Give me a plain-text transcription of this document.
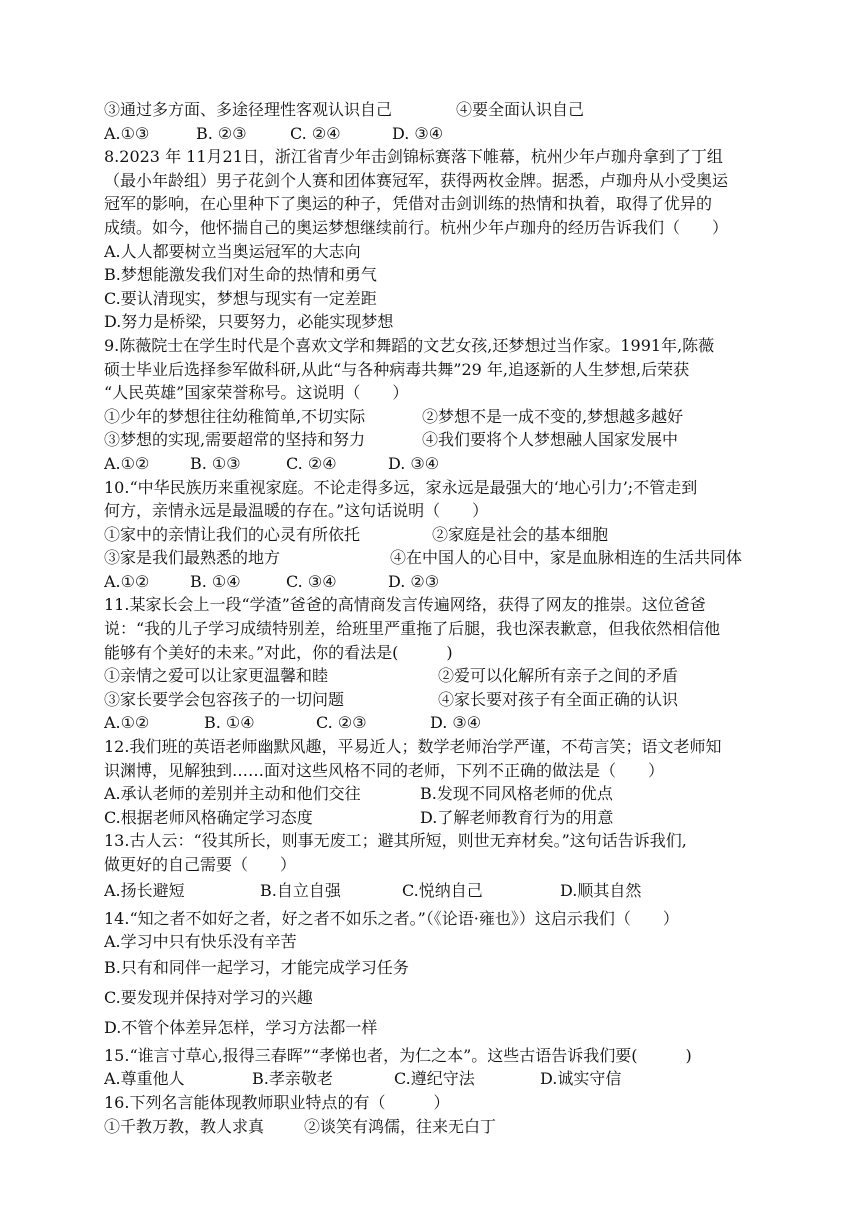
③通过多方面、多途径理性客观认识自己	④要全面认识自己
A.①③	B. ②③	C. ②④	D. ③④
8.2023 年 11月21日，浙江省青少年击剑锦标赛落下帷幕，杭州少年卢珈舟拿到了丁组
（最小年龄组）男子花剑个人赛和团体赛冠军，获得两枚金牌。据悉，卢珈舟从小受奥运
冠军的影响，在心里种下了奥运的种子，凭借对击剑训练的热情和执着，取得了优异的
成绩。如今，他怀揣自己的奥运梦想继续前行。杭州少年卢珈舟的经历告诉我们（　　）
A.人人都要树立当奥运冠军的大志向
B.梦想能激发我们对生命的热情和勇气
C.要认清现实，梦想与现实有一定差距
D.努力是桥梁，只要努力，必能实现梦想
9.陈薇院士在学生时代是个喜欢文学和舞蹈的文艺女孩,还梦想过当作家。1991年,陈薇
硕士毕业后选择参军做科研,从此“与各种病毒共舞”29 年,追逐新的人生梦想,后荣获
“人民英雄”国家荣誉称号。这说明（　　）
①少年的梦想往往幼稚简单,不切实际	②梦想不是一成不变的,梦想越多越好
③梦想的实现,需要超常的坚持和努力	④我们要将个人梦想融人国家发展中
A.①②	B. ①③	C. ②④	D. ③④
10.“中华民族历来重视家庭。不论走得多远，家永远是最强大的‘地心引力’;不管走到
何方，亲情永远是最温暖的存在。”这句话说明（　　）
①家中的亲情让我们的心灵有所依托	②家庭是社会的基本细胞
③家是我们最熟悉的地方	④在中国人的心目中，家是血脉相连的生活共同体
A.①②	B. ①④	C. ③④	D. ②③
11.某家长会上一段“学渣”爸爸的高情商发言传遍网络，获得了网友的推崇。这位爸爸
说：“我的儿子学习成绩特别差，给班里严重拖了后腿，我也深表歉意，但我依然相信他
能够有个美好的未来。”对此，你的看法是(　　　)
①亲情之爱可以让家更温馨和睦	②爱可以化解所有亲子之间的矛盾
③家长要学会包容孩子的一切问题	④家长要对孩子有全面正确的认识
A.①②	B. ①④	C. ②③	D. ③④
12.我们班的英语老师幽默风趣，平易近人；数学老师治学严谨，不苟言笑；语文老师知
识渊博，见解独到……面对这些风格不同的老师，下列不正确的做法是（　　）
A.承认老师的差别并主动和他们交往	B.发现不同风格老师的优点
C.根据老师风格确定学习态度	D.了解老师教育行为的用意
13.古人云：“役其所长，则事无废工；避其所短，则世无弃材矣。”这句话告诉我们,
做更好的自己需要（　　）
A.扬长避短	B.自立自强	C.悦纳自己	D.顺其自然
14.“知之者不如好之者，好之者不如乐之者。”（《论语·雍也》）这启示我们（　　）
A.学习中只有快乐没有辛苦
B.只有和同伴一起学习，才能完成学习任务
C.要发现并保持对学习的兴趣
D.不管个体差异怎样，学习方法都一样
15.“谁言寸草心,报得三春晖”“孝悌也者，为仁之本”。这些古语告诉我们要(　　　)
A.尊重他人	B.孝亲敬老	C.遵纪守法	D.诚实守信
16.下列名言能体现教师职业特点的有（　　　）
①千教万教，教人求真 ②谈笑有鸿儒，往来无白丁
